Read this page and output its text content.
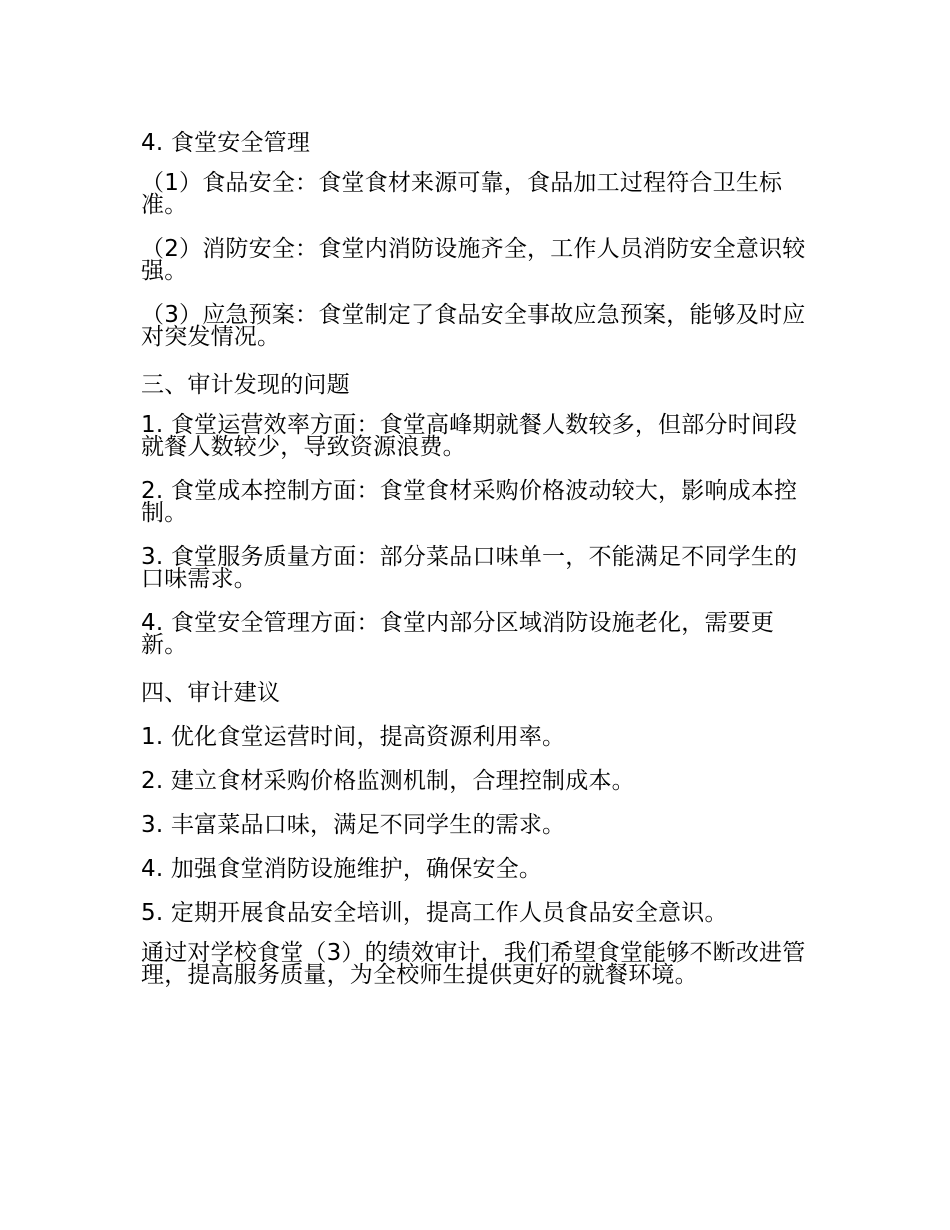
4. 食堂安全管理

（1）食品安全：食堂食材来源可靠，食品加工过程符合卫生标准。

（2）消防安全：食堂内消防设施齐全，工作人员消防安全意识较强。

（3）应急预案：食堂制定了食品安全事故应急预案，能够及时应对突发情况。

三、审计发现的问题

1. 食堂运营效率方面：食堂高峰期就餐人数较多，但部分时间段就餐人数较少，导致资源浪费。

2. 食堂成本控制方面：食堂食材采购价格波动较大，影响成本控制。

3. 食堂服务质量方面：部分菜品口味单一，不能满足不同学生的口味需求。

4. 食堂安全管理方面：食堂内部分区域消防设施老化，需要更新。

四、审计建议

1. 优化食堂运营时间，提高资源利用率。

2. 建立食材采购价格监测机制，合理控制成本。

3. 丰富菜品口味，满足不同学生的需求。

4. 加强食堂消防设施维护，确保安全。

5. 定期开展食品安全培训，提高工作人员食品安全意识。

通过对学校食堂（3）的绩效审计，我们希望食堂能够不断改进管理，提高服务质量，为全校师生提供更好的就餐环境。
